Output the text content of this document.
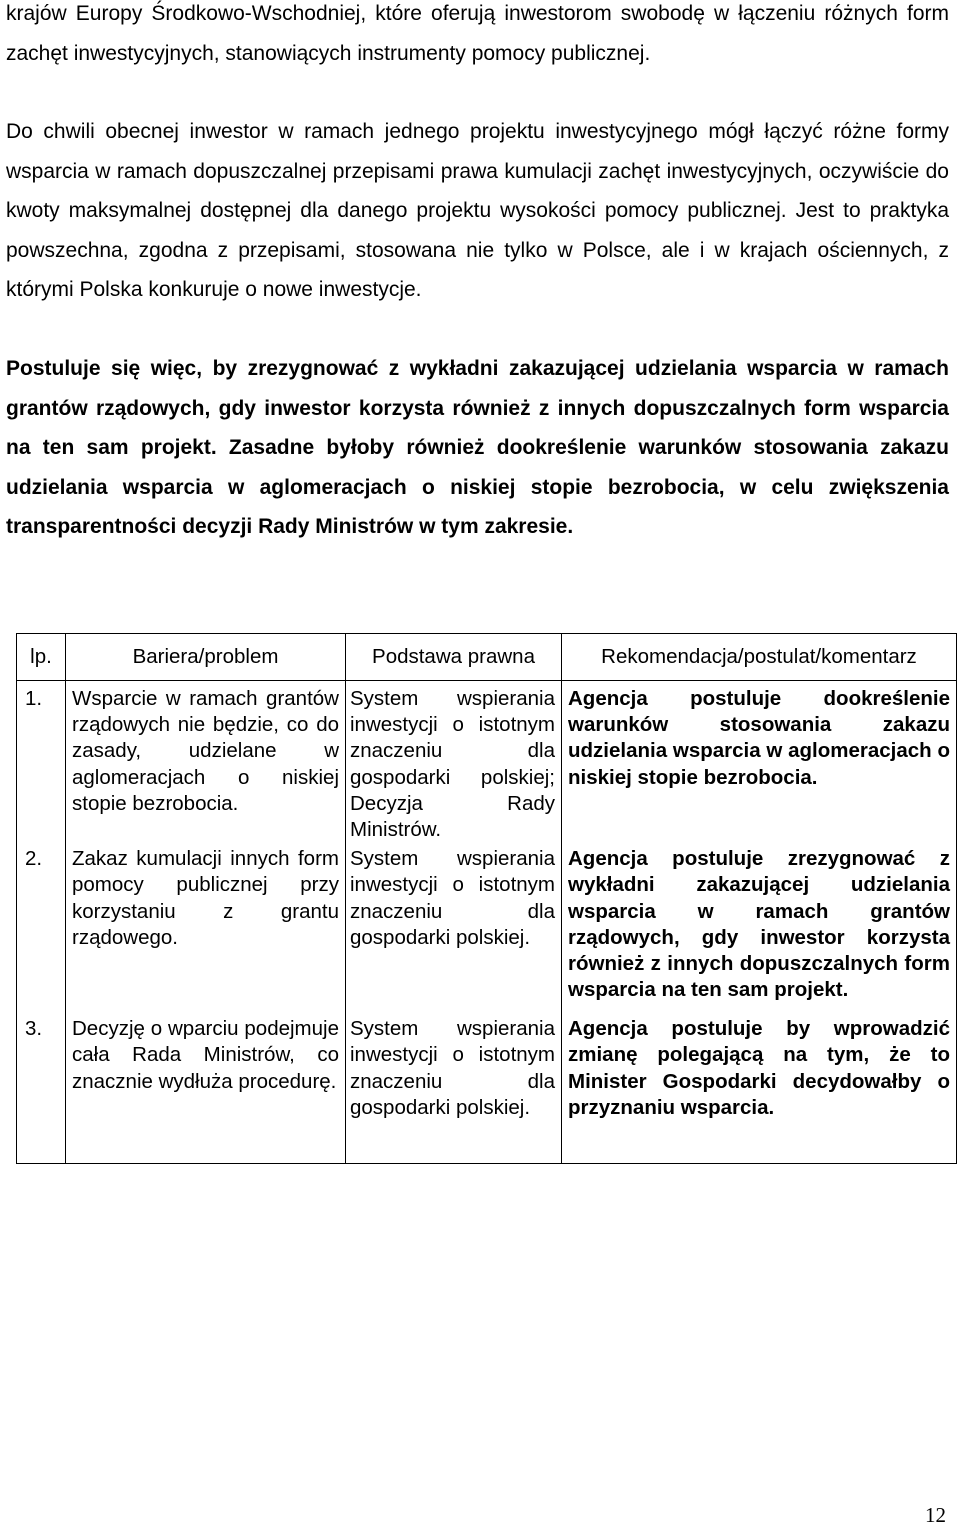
krajów Europy Środkowo-Wschodniej, które oferują inwestorom swobodę w łączeniu różnych form zachęt inwestycyjnych, stanowiących instrumenty pomocy publicznej.

Do chwili obecnej inwestor w ramach jednego projektu inwestycyjnego mógł łączyć różne formy wsparcia w ramach dopuszczalnej przepisami prawa kumulacji zachęt inwestycyjnych, oczywiście do kwoty maksymalnej dostępnej dla danego projektu wysokości pomocy publicznej. Jest to praktyka powszechna, zgodna z przepisami, stosowana nie tylko w Polsce, ale i w krajach ościennych, z którymi Polska konkuruje o nowe inwestycje.

Postuluje się więc, by zrezygnować z wykładni zakazującej udzielania wsparcia w ramach grantów rządowych, gdy inwestor korzysta również z innych dopuszczalnych form wsparcia na ten sam projekt. Zasadne byłoby również dookreślenie warunków stosowania zakazu udzielania wsparcia w aglomeracjach o niskiej stopie bezrobocia, w celu zwiększenia transparentności decyzji Rady Ministrów w tym zakresie.

lp.	Bariera/problem	Podstawa prawna	Rekomendacja/postulat/komentarz
1.	Wsparcie w ramach grantów rządowych nie będzie, co do zasady, udzielane w aglomeracjach o niskiej stopie bezrobocia.	System wspierania inwestycji o istotnym znaczeniu dla gospodarki polskiej; Decyzja Rady Ministrów.	Agencja postuluje dookreślenie warunków stosowania zakazu udzielania wsparcia w aglomeracjach o niskiej stopie bezrobocia.
2.	Zakaz kumulacji innych form pomocy publicznej przy korzystaniu z grantu rządowego.	System wspierania inwestycji o istotnym znaczeniu dla gospodarki polskiej.	Agencja postuluje zrezygnować z wykładni zakazującej udzielania wsparcia w ramach grantów rządowych, gdy inwestor korzysta również z innych dopuszczalnych form wsparcia na ten sam projekt.
3.	Decyzję o wparciu podejmuje cała Rada Ministrów, co znacznie wydłuża procedurę.	System wspierania inwestycji o istotnym znaczeniu dla gospodarki polskiej.	Agencja postuluje by wprowadzić zmianę polegającą na tym, że to Minister Gospodarki decydowałby o przyznaniu wsparcia.
12
